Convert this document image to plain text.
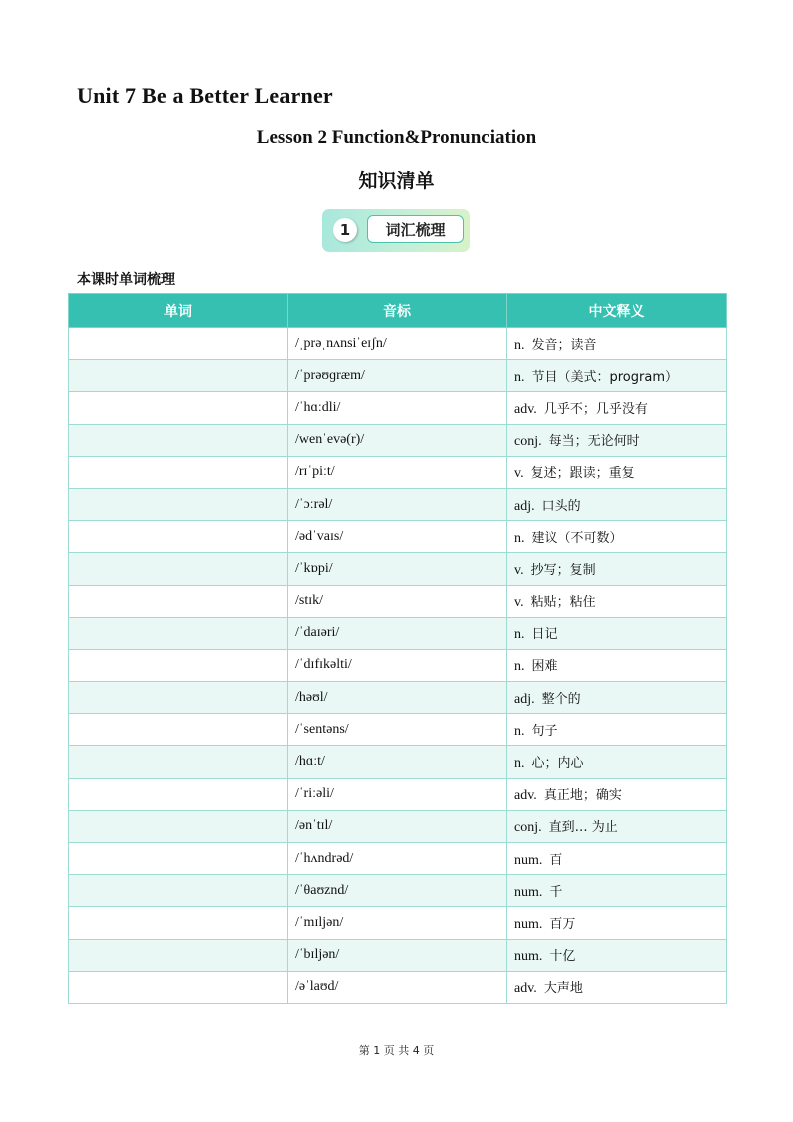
Unit 7 Be a Better Learner
Lesson 2 Function&Pronunciation
知识清单
1	词汇梳理
本课时单词梳理
单词	音标	中文释义
	/ˌprəˌnʌnsiˈeɪʃn/	n. 发音；读音
	/ˈprəʊɡræm/	n. 节目（美式：program）
	/ˈhɑːdli/	adv. 几乎不；几乎没有
	/wenˈevə(r)/	conj. 每当；无论何时
	/rɪˈpiːt/	v. 复述；跟读；重复
	/ˈɔːrəl/	adj. 口头的
	/ədˈvaɪs/	n. 建议（不可数）
	/ˈkɒpi/	v. 抄写；复制
	/stɪk/	v. 粘贴；粘住
	/ˈdaɪəri/	n. 日记
	/ˈdɪfɪkəlti/	n. 困难
	/həʊl/	adj. 整个的
	/ˈsentəns/	n. 句子
	/hɑːt/	n. 心；内心
	/ˈriːəli/	adv. 真正地；确实
	/ənˈtɪl/	conj. 直到… 为止
	/ˈhʌndrəd/	num. 百
	/ˈθaʊznd/	num. 千
	/ˈmɪljən/	num. 百万
	/ˈbɪljən/	num. 十亿
	/əˈlaʊd/	adv. 大声地
第 1 页 共 4 页
